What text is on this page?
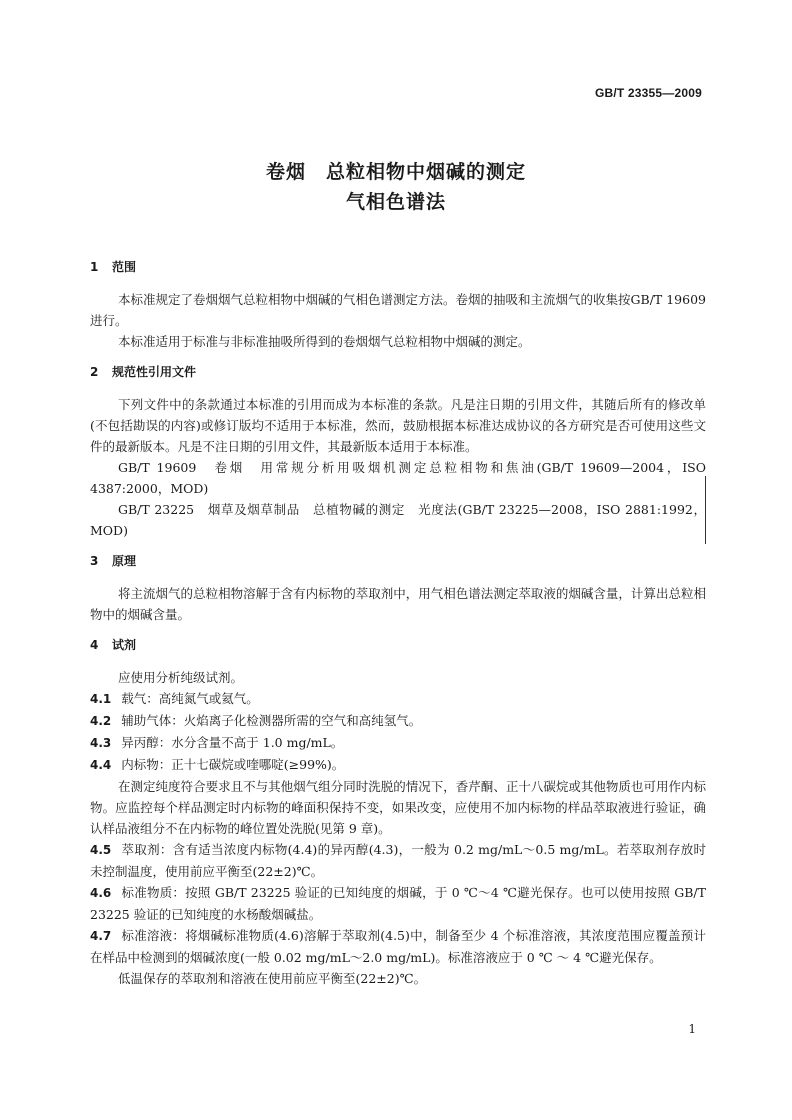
GB/T 23355—2009
卷烟　总粒相物中烟碱的测定
气相色谱法
1 范围

本标准规定了卷烟烟气总粒相物中烟碱的气相色谱测定方法。卷烟的抽吸和主流烟气的收集按GB/T 19609 进行。

本标准适用于标准与非标准抽吸所得到的卷烟烟气总粒相物中烟碱的测定。

2 规范性引用文件

下列文件中的条款通过本标准的引用而成为本标准的条款。凡是注日期的引用文件，其随后所有的修改单(不包括勘误的内容)或修订版均不适用于本标准，然而，鼓励根据本标准达成协议的各方研究是否可使用这些文件的最新版本。凡是不注日期的引用文件，其最新版本适用于本标准。

GB/T 19609　卷烟　用常规分析用吸烟机测定总粒相物和焦油(GB/T 19609—2004，ISO 4387:2000，MOD)

GB/T 23225　烟草及烟草制品　总植物碱的测定　光度法(GB/T 23225—2008，ISO 2881:1992，MOD)

3 原理

将主流烟气的总粒相物溶解于含有内标物的萃取剂中，用气相色谱法测定萃取液的烟碱含量，计算出总粒相物中的烟碱含量。

4 试剂

应使用分析纯级试剂。

4.1 载气：高纯氮气或氦气。

4.2 辅助气体：火焰离子化检测器所需的空气和高纯氢气。

4.3 异丙醇：水分含量不高于 1.0 mg/mL。

4.4 内标物：正十七碳烷或喹哪啶(≥99%)。

在测定纯度符合要求且不与其他烟气组分同时洗脱的情况下，香芹酮、正十八碳烷或其他物质也可用作内标物。应监控每个样品测定时内标物的峰面积保持不变，如果改变，应使用不加内标物的样品萃取液进行验证，确认样品液组分不在内标物的峰位置处洗脱(见第 9 章)。

4.5 萃取剂：含有适当浓度内标物(4.4)的异丙醇(4.3)，一般为 0.2 mg/mL～0.5 mg/mL。若萃取剂存放时未控制温度，使用前应平衡至(22±2)℃。

4.6 标准物质：按照 GB/T 23225 验证的已知纯度的烟碱，于 0 ℃～4 ℃避光保存。也可以使用按照 GB/T 23225 验证的已知纯度的水杨酸烟碱盐。

4.7 标准溶液：将烟碱标准物质(4.6)溶解于萃取剂(4.5)中，制备至少 4 个标准溶液，其浓度范围应覆盖预计在样品中检测到的烟碱浓度(一般 0.02 mg/mL～2.0 mg/mL)。标准溶液应于 0 ℃ ～ 4 ℃避光保存。

低温保存的萃取剂和溶液在使用前应平衡至(22±2)℃。

1
